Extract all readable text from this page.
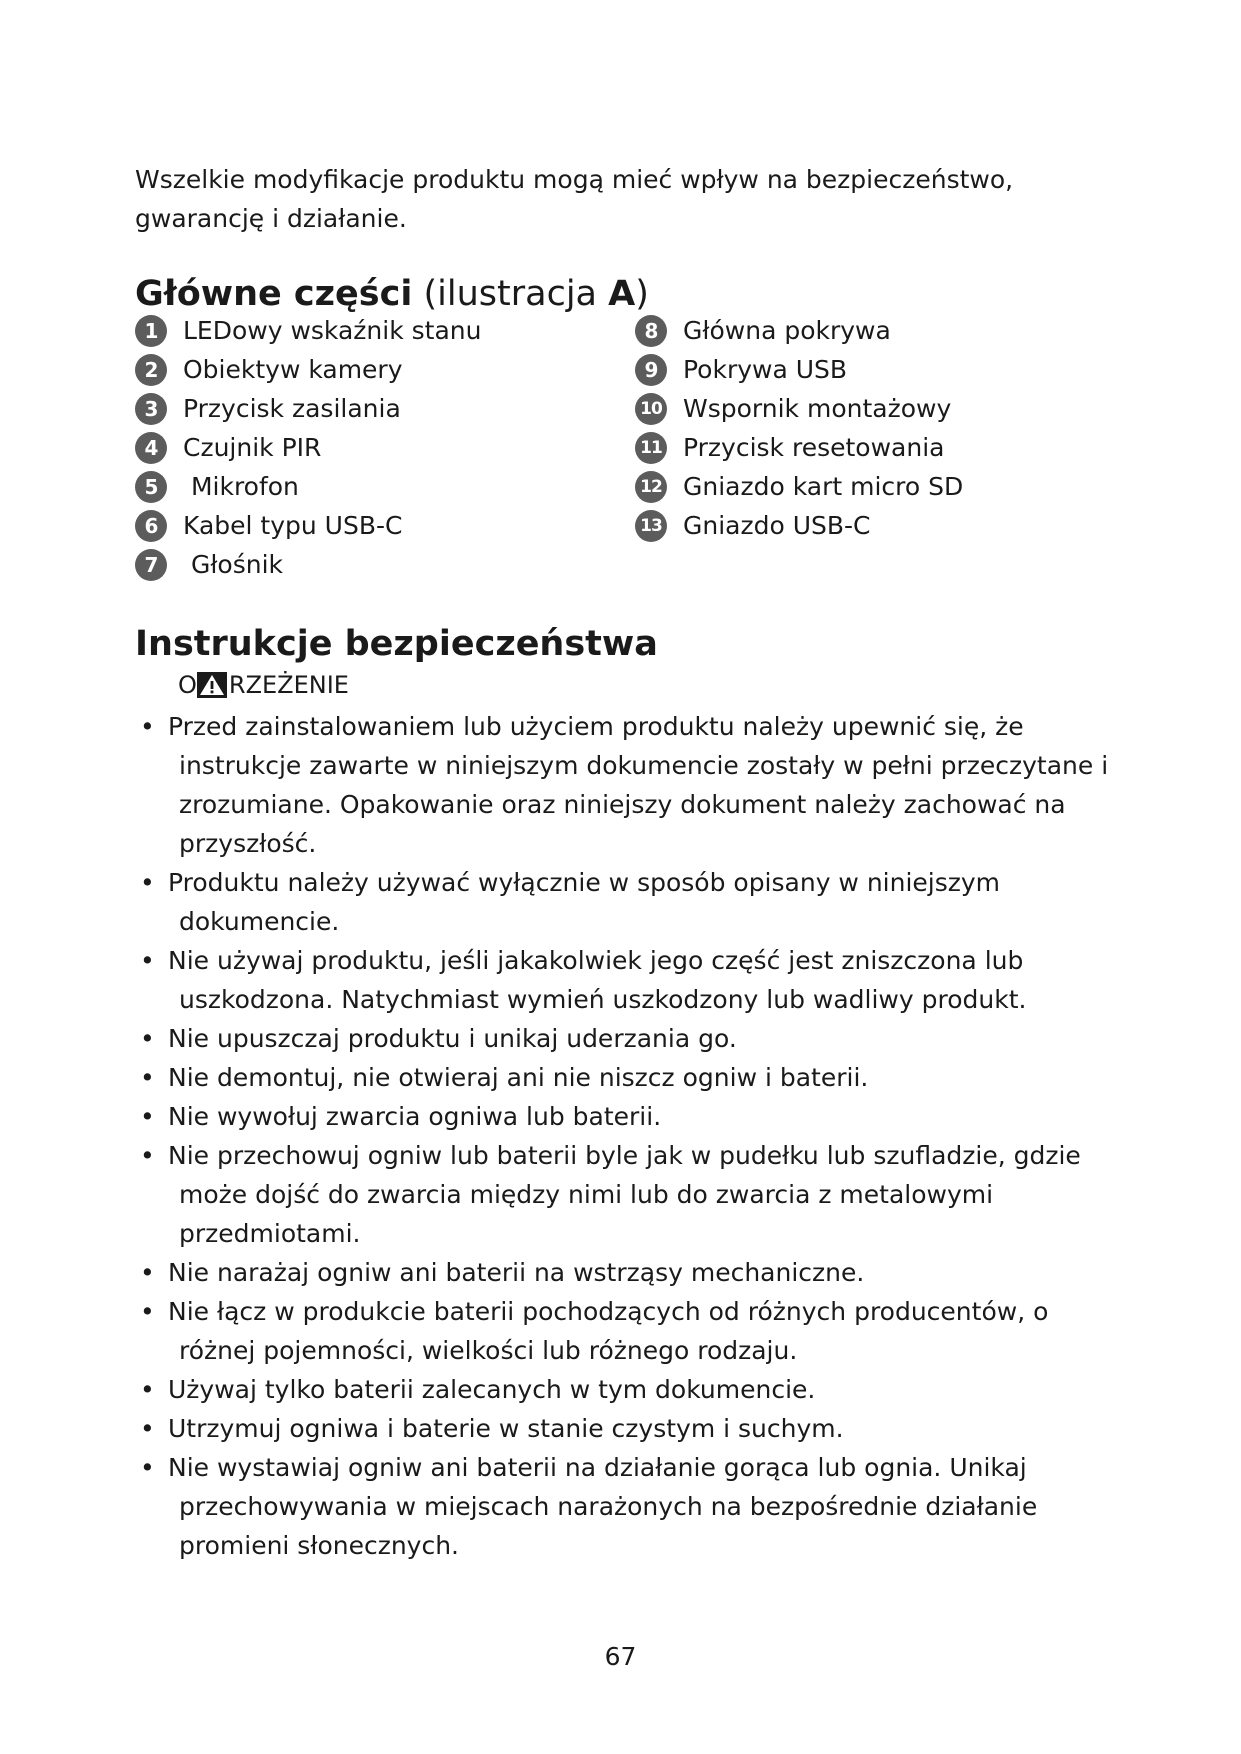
Wszelkie modyfikacje produktu mogą mieć wpływ na bezpieczeństwo,
gwarancję i działanie.

Główne części (ilustracja A)
1	LEDowy wskaźnik stanu
2	Obiektyw kamery
3	Przycisk zasilania
4	Czujnik PIR
5	Mikrofon
6	Kabel typu USB-C
7	Głośnik
8	Główna pokrywa
9	Pokrywa USB
10 Wspornik montażowy
11 Przycisk resetowania
12 Gniazdo kart micro SD
13 Gniazdo USB-C
Instrukcje bezpieczeństwa
O RZEŻENIE
• Przed zainstalowaniem lub użyciem produktu należy upewnić się, że
instrukcje zawarte w niniejszym dokumencie zostały w pełni przeczytane i
zrozumiane. Opakowanie oraz niniejszy dokument należy zachować na
przyszłość.
• Produktu należy używać wyłącznie w sposób opisany w niniejszym
dokumencie.
• Nie używaj produktu, jeśli jakakolwiek jego część jest zniszczona lub
uszkodzona. Natychmiast wymień uszkodzony lub wadliwy produkt.
• Nie upuszczaj produktu i unikaj uderzania go.
• Nie demontuj, nie otwieraj ani nie niszcz ogniw i baterii.
• Nie wywołuj zwarcia ogniwa lub baterii.
• Nie przechowuj ogniw lub baterii byle jak w pudełku lub szufladzie, gdzie
może dojść do zwarcia między nimi lub do zwarcia z metalowymi
przedmiotami.
• Nie narażaj ogniw ani baterii na wstrząsy mechaniczne.
• Nie łącz w produkcie baterii pochodzących od różnych producentów, o
różnej pojemności, wielkości lub różnego rodzaju.
• Używaj tylko baterii zalecanych w tym dokumencie.
• Utrzymuj ogniwa i baterie w stanie czystym i suchym.
• Nie wystawiaj ogniw ani baterii na działanie gorąca lub ognia. Unikaj
przechowywania w miejscach narażonych na bezpośrednie działanie
promieni słonecznych.
67
